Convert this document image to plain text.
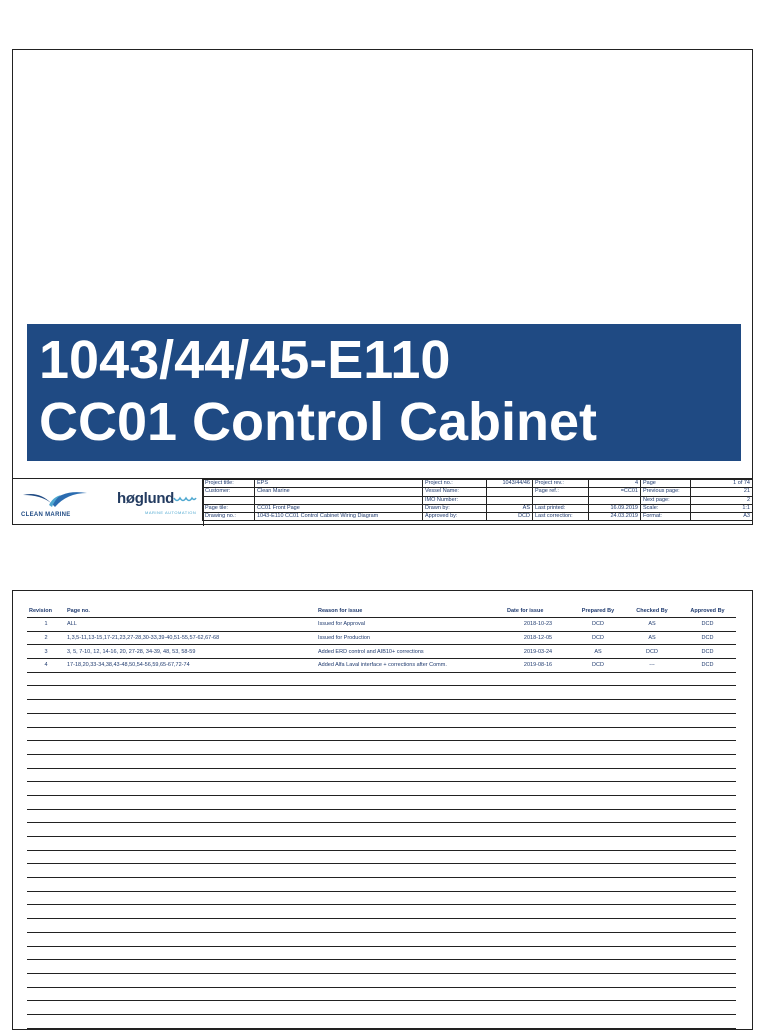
1043/44/45-E110
CC01 Control Cabinet
CLEAN MARINE
høglund
MARINE AUTOMATION
Project title:	EPS	Project no.:	1043/44/46	Project rev.:	4	Page	1 of 74
Customer:	Clean Marine	Vessel Name:		Page ref.:	=CC01	Previous page:	21
		IMO Number:				Next page:	2
Page tile:	CC01 Front Page	Drawn by:	AS	Last printed:	16.09.2019	Scale:	1:1
Drawing no.:	1043-E110 CC01 Control Cabinet Wiring Diagram	Approved by:	DCD	Last correction:	24.03.2019	Format:	A3
Revision	Page no.	Reason for issue	Date for issue	Prepared By	Checked By	Approved By
1	ALL	Issued for Approval	2018-10-23	DCD	AS	DCD
2	1,3,5-11,13-15,17-21,23,27-28,30-33,39-40,51-55,57-62,67-68	Issued for Production	2018-12-05	DCD	AS	DCD
3	3, 5, 7-10, 12, 14-16, 20, 27-28, 34-39, 48, 53, 58-59	Added ERD control and AIB10+ corrections	2019-03-24	AS	DCD	DCD
4	17-18,20,33-34,38,43-48,50,54-56,59,65-67,72-74	Added Alfa Laval interface + corrections after Comm.	2019-08-16	DCD	---	DCD
